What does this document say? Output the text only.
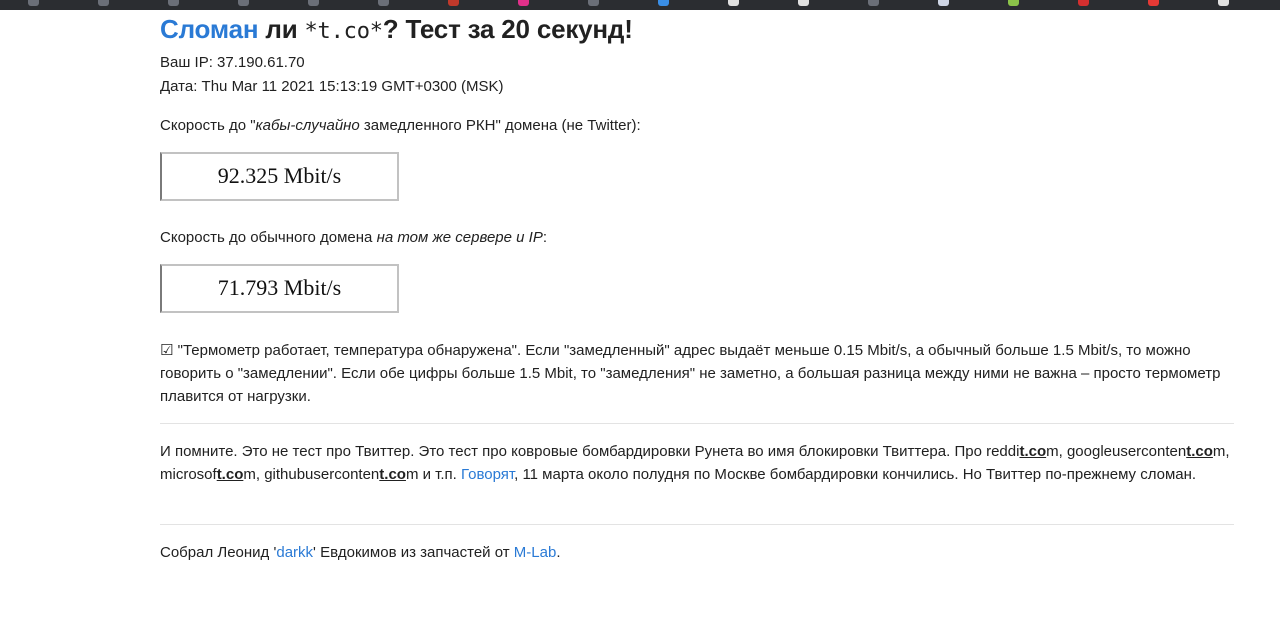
Сломан ли *t.co*? Тест за 20 секунд!
Ваш IP: 37.190.61.70
Дата: Thu Mar 11 2021 15:13:19 GMT+0300 (MSK)
Скорость до "кабы-случайно замедленного РКН" домена (не Twitter):
92.325 Mbit/s
Скорость до обычного домена на том же сервере и IP:
71.793 Mbit/s
☑ "Термометр работает, температура обнаружена". Если "замедленный" адрес выдаёт меньше 0.15 Mbit/s, а обычный больше 1.5 Mbit/s, то можно говорить о "замедлении". Если обе цифры больше 1.5 Mbit, то "замедления" не заметно, а большая разница между ними не важна – просто термометр плавится от нагрузки.
И помните. Это не тест про Твиттер. Это тест про ковровые бомбардировки Рунета во имя блокировки Твиттера. Про reddit.com, googleusercontent.com, microsoft.com, githubusercontent.com и т.п. Говорят, 11 марта около полудня по Москве бомбардировки кончились. Но Твиттер по-прежнему сломан.
Собрал Леонид 'darkk' Евдокимов из запчастей от M-Lab.
